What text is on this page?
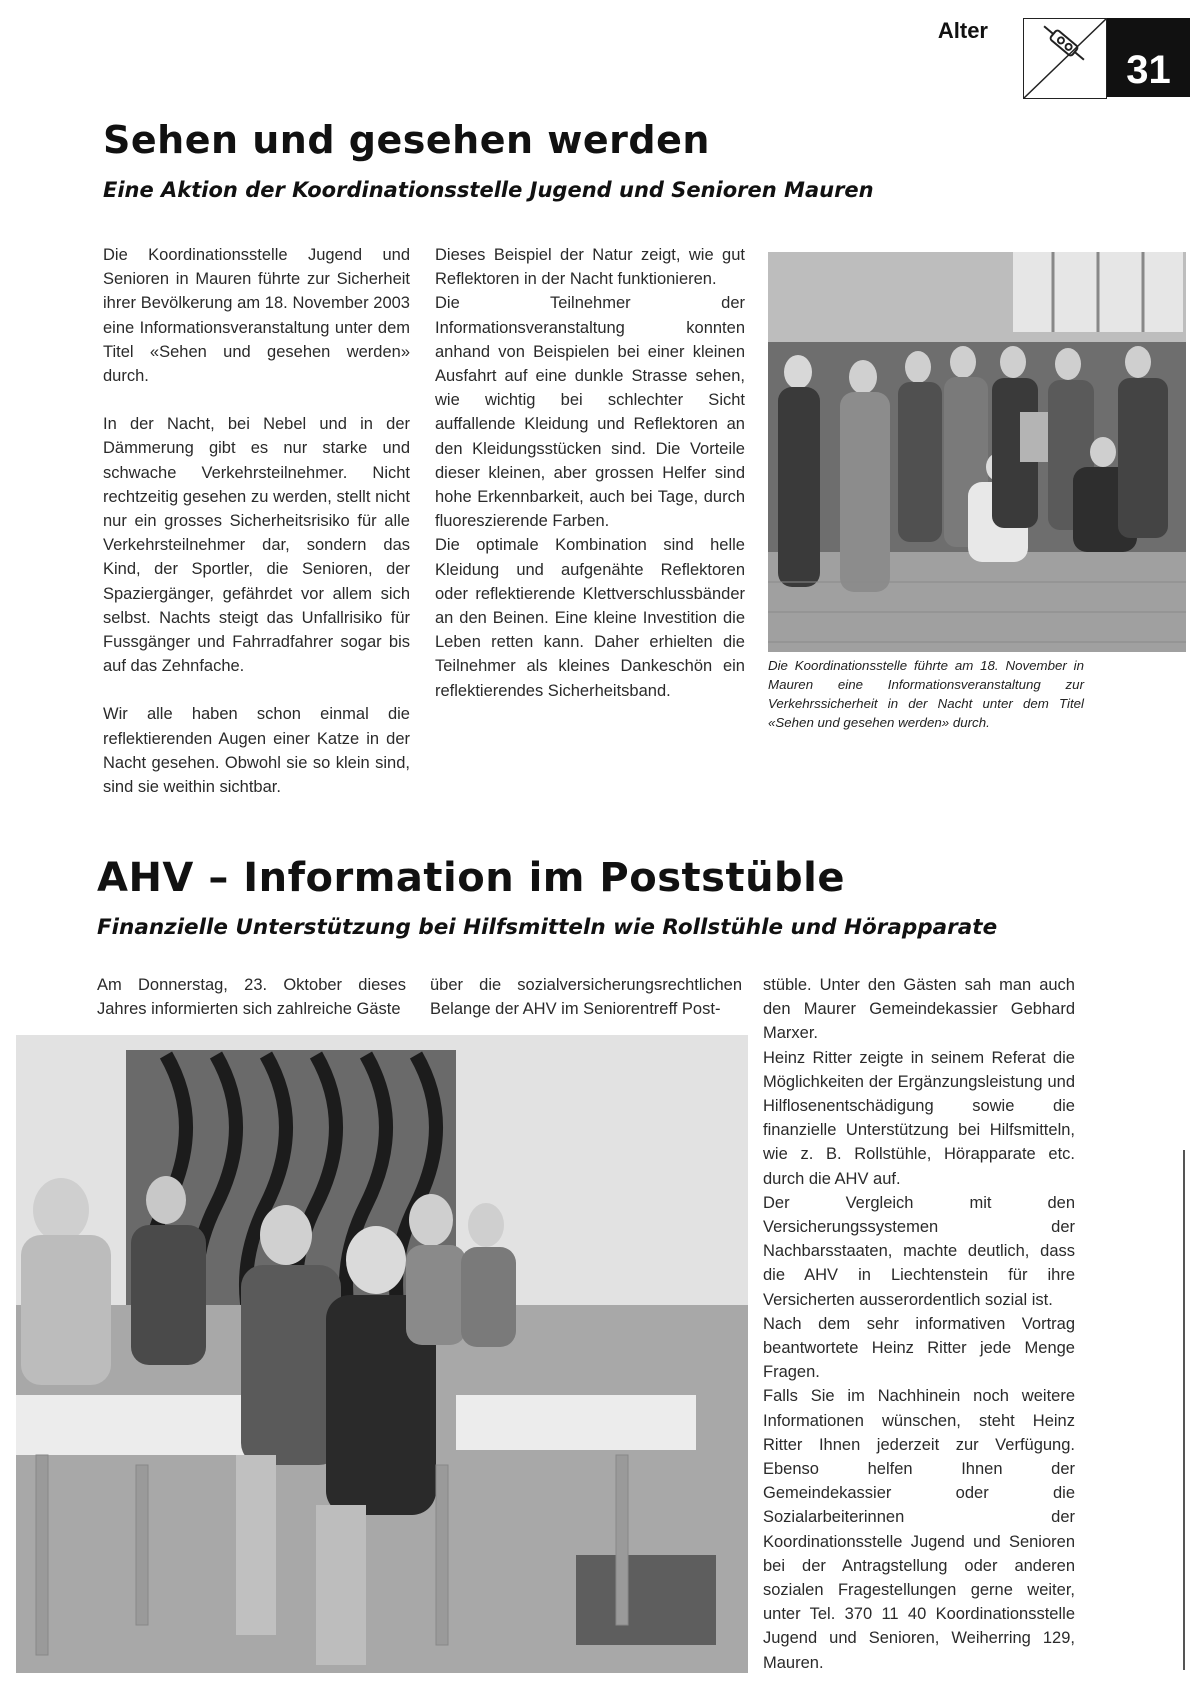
Alter
31
Sehen und gesehen werden
Eine Aktion der Koordinationsstelle Jugend und Senioren Mauren

Die Koordinationsstelle Jugend und Senioren in Mauren führte zur Sicherheit ihrer Bevölkerung am 18. November 2003 eine Informationsveranstaltung unter dem Titel «Sehen und gesehen werden» durch.

In der Nacht, bei Nebel und in der Dämmerung gibt es nur starke und schwache Verkehrsteilnehmer. Nicht rechtzeitig gesehen zu werden, stellt nicht nur ein grosses Sicherheitsrisiko für alle Verkehrsteilnehmer dar, sondern das Kind, der Sportler, die Senioren, der Spaziergänger, gefährdet vor allem sich selbst. Nachts steigt das Unfallrisiko für Fussgänger und Fahrradfahrer sogar bis auf das Zehnfache.

Wir alle haben schon einmal die reflektierenden Augen einer Katze in der Nacht gesehen. Obwohl sie so klein sind, sind sie weithin sichtbar.

Dieses Beispiel der Natur zeigt, wie gut Reflektoren in der Nacht funktionieren.

Die Teilnehmer der Informationsveranstaltung konnten anhand von Beispielen bei einer kleinen Ausfahrt auf eine dunkle Strasse sehen, wie wichtig bei schlechter Sicht auffallende Kleidung und Reflektoren an den Kleidungsstücken sind. Die Vorteile dieser kleinen, aber grossen Helfer sind hohe Erkennbarkeit, auch bei Tage, durch fluoreszierende Farben.

Die optimale Kombination sind helle Kleidung und aufgenähte Reflektoren oder reflektierende Klettverschlussbänder an den Beinen. Eine kleine Investition die Leben retten kann. Daher erhielten die Teilnehmer als kleines Dankeschön ein reflektierendes Sicherheitsband.

Die Koordinationsstelle führte am 18. November in Mauren eine Informationsveranstaltung zur Verkehrssicherheit in der Nacht unter dem Titel «Sehen und gesehen werden» durch.
AHV – Information im Poststüble
Finanzielle Unterstützung bei Hilfsmitteln wie Rollstühle und Hörapparate

Am Donnerstag, 23. Oktober dieses Jahres informierten sich zahlreiche Gäste

über die sozialversicherungsrechtlichen Belange der AHV im Seniorentreff Post-

stüble. Unter den Gästen sah man auch den Maurer Gemeindekassier Gebhard Marxer.

Heinz Ritter zeigte in seinem Referat die Möglichkeiten der Ergänzungsleistung und Hilflosenentschädigung sowie die finanzielle Unterstützung bei Hilfsmitteln, wie z. B. Rollstühle, Hörapparate etc. durch die AHV auf.

Der Vergleich mit den Versicherungssystemen der Nachbarsstaaten, machte deutlich, dass die AHV in Liechtenstein für ihre Versicherten ausserordentlich sozial ist.

Nach dem sehr informativen Vortrag beantwortete Heinz Ritter jede Menge Fragen.

Falls Sie im Nachhinein noch weitere Informationen wünschen, steht Heinz Ritter Ihnen jederzeit zur Verfügung. Ebenso helfen Ihnen der Gemeindekassier oder die Sozialarbeiterinnen der Koordinationsstelle Jugend und Senioren bei der Antragstellung oder anderen sozialen Fragestellungen gerne weiter, unter Tel. 370 11 40 Koordinationsstelle Jugend und Senioren, Weiherring 129, Mauren.
